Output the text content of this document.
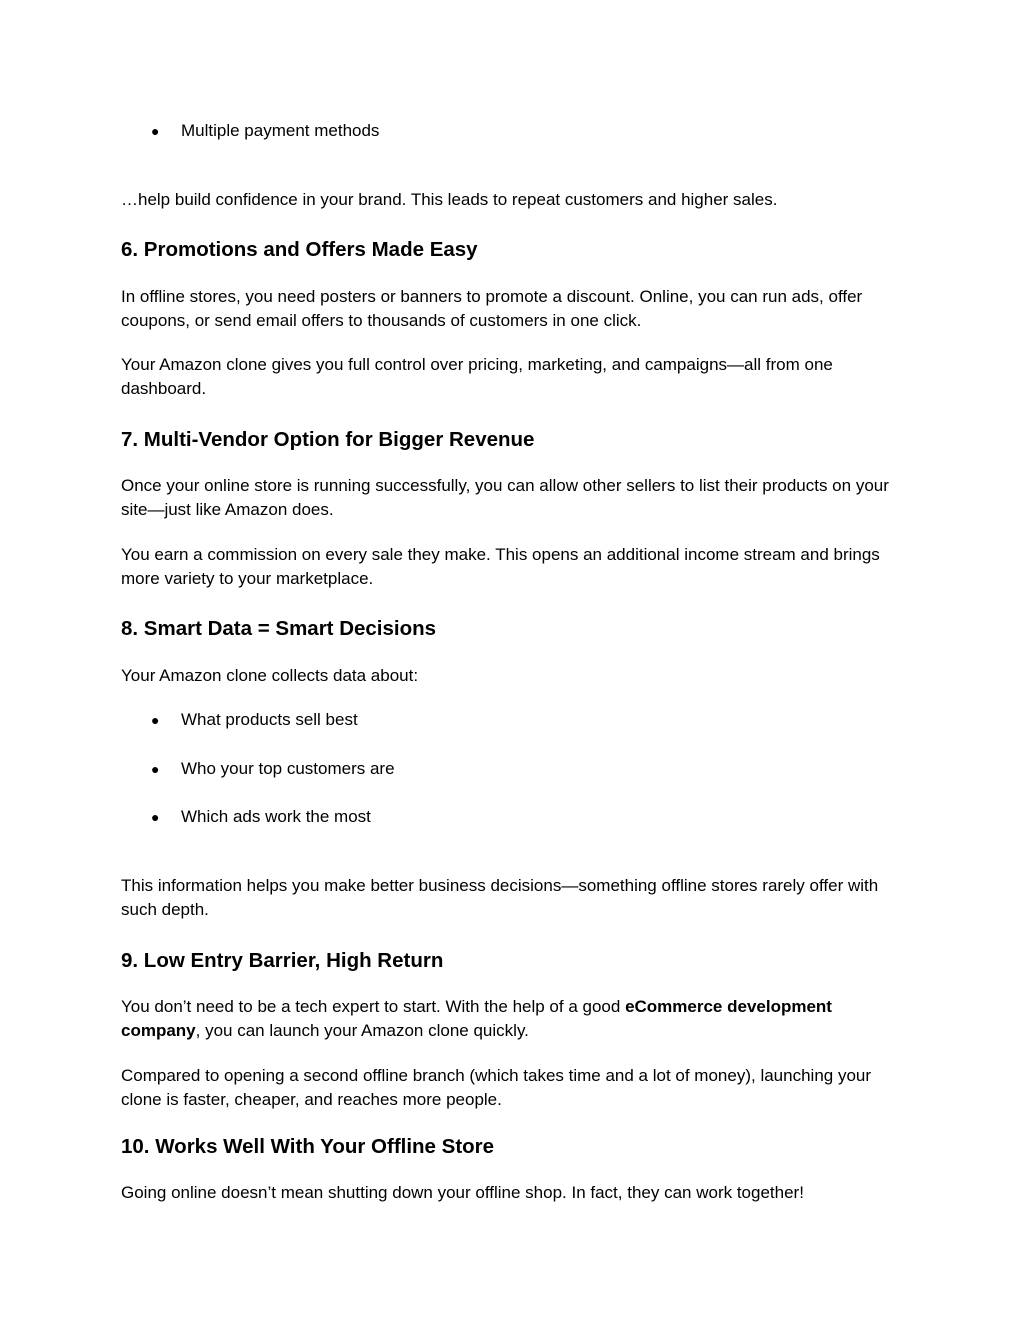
●	Multiple payment methods

…help build confidence in your brand. This leads to repeat customers and higher sales.

6. Promotions and Offers Made Easy

In offline stores, you need posters or banners to promote a discount. Online, you can run ads, offer coupons, or send email offers to thousands of customers in one click.

Your Amazon clone gives you full control over pricing, marketing, and campaigns—all from one dashboard.

7. Multi-Vendor Option for Bigger Revenue

Once your online store is running successfully, you can allow other sellers to list their products on your site—just like Amazon does.

You earn a commission on every sale they make. This opens an additional income stream and brings more variety to your marketplace.

8. Smart Data = Smart Decisions

Your Amazon clone collects data about:

●	What products sell best
●	Who your top customers are
●	Which ads work the most

This information helps you make better business decisions—something offline stores rarely offer with such depth.

9. Low Entry Barrier, High Return

You don’t need to be a tech expert to start. With the help of a good eCommerce development company, you can launch your Amazon clone quickly.

Compared to opening a second offline branch (which takes time and a lot of money), launching your clone is faster, cheaper, and reaches more people.

10. Works Well With Your Offline Store

Going online doesn’t mean shutting down your offline shop. In fact, they can work together!
